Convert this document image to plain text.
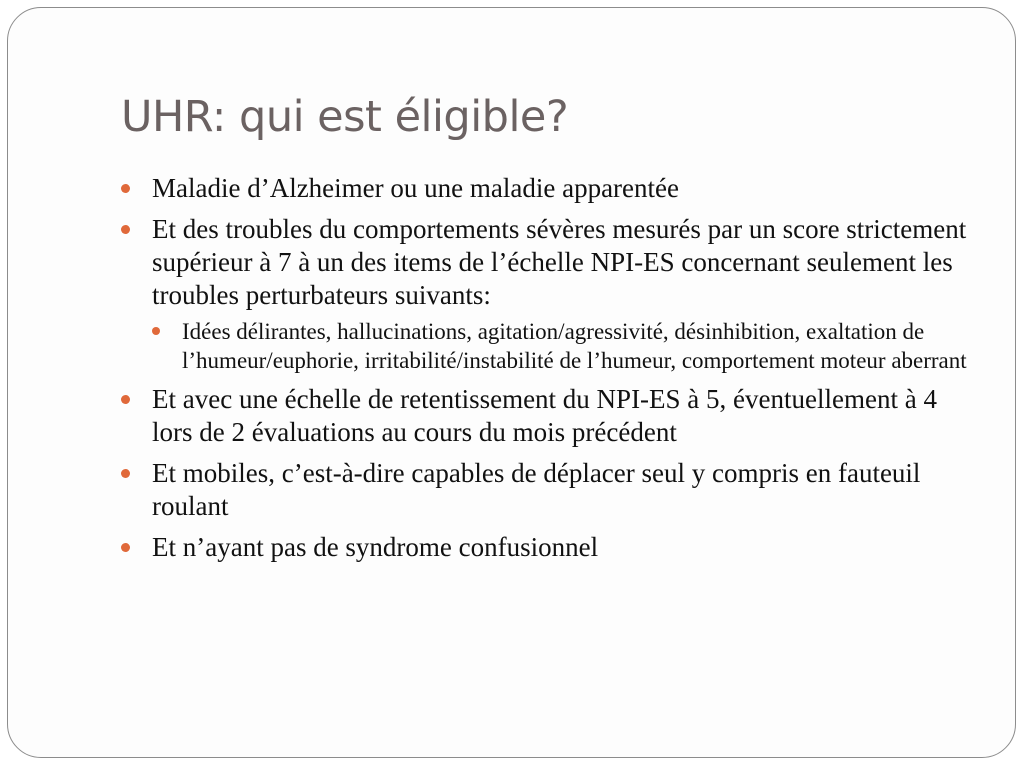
UHR: qui est éligible?
Maladie d’Alzheimer ou une maladie apparentée
Et des troubles du comportements sévères mesurés par un score strictement supérieur à 7 à un des items de l’échelle NPI-ES concernant seulement les troubles perturbateurs suivants:
Idées délirantes, hallucinations, agitation/agressivité, désinhibition, exaltation de l’humeur/euphorie, irritabilité/instabilité de l’humeur, comportement moteur aberrant
Et avec une échelle de retentissement du NPI-ES à 5, éventuellement à 4 lors de 2 évaluations au cours du mois précédent
Et mobiles, c’est-à-dire capables de déplacer seul y compris en fauteuil roulant
Et n’ayant pas de syndrome confusionnel
